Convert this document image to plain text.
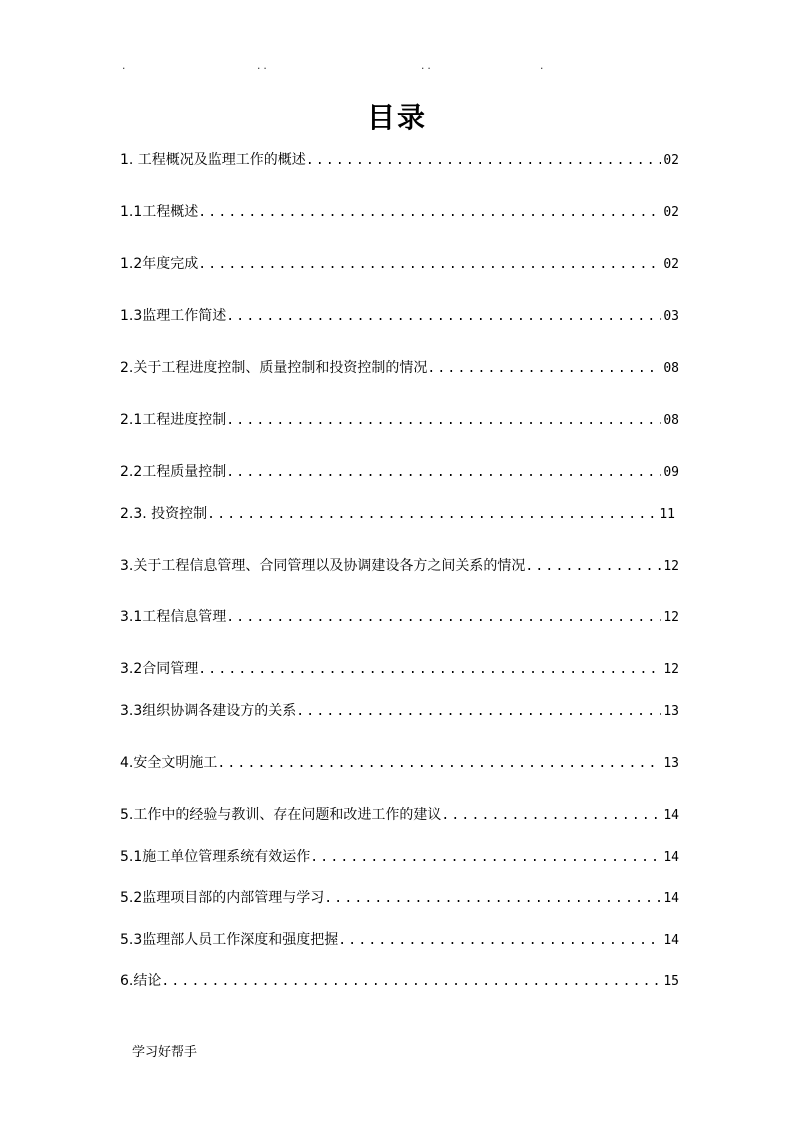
.	..	..	.
目录
1. 工程概况及监理工作的概述 .....	02
1.1工程概述 .....	02
1.2年度完成 .....	02
1.3监理工作简述 .....	03
2.关于工程进度控制、质量控制和投资控制的情况 .....	08
2.1工程进度控制 .....	08
2.2工程质量控制 .....	09
2.3. 投资控制 .....	11
3.关于工程信息管理、合同管理以及协调建设各方之间关系的情况 .....	12
3.1工程信息管理 .....	12
3.2合同管理 .....	12
3.3组织协调各建设方的关系 .....	13
4.安全文明施工 .....	13
5.工作中的经验与教训、存在问题和改进工作的建议 .....	14
5.1施工单位管理系统有效运作 .....	14
5.2监理项目部的内部管理与学习 .....	14
5.3监理部人员工作深度和强度把握 .....	14
6.结论 .....	15
学习好帮手
